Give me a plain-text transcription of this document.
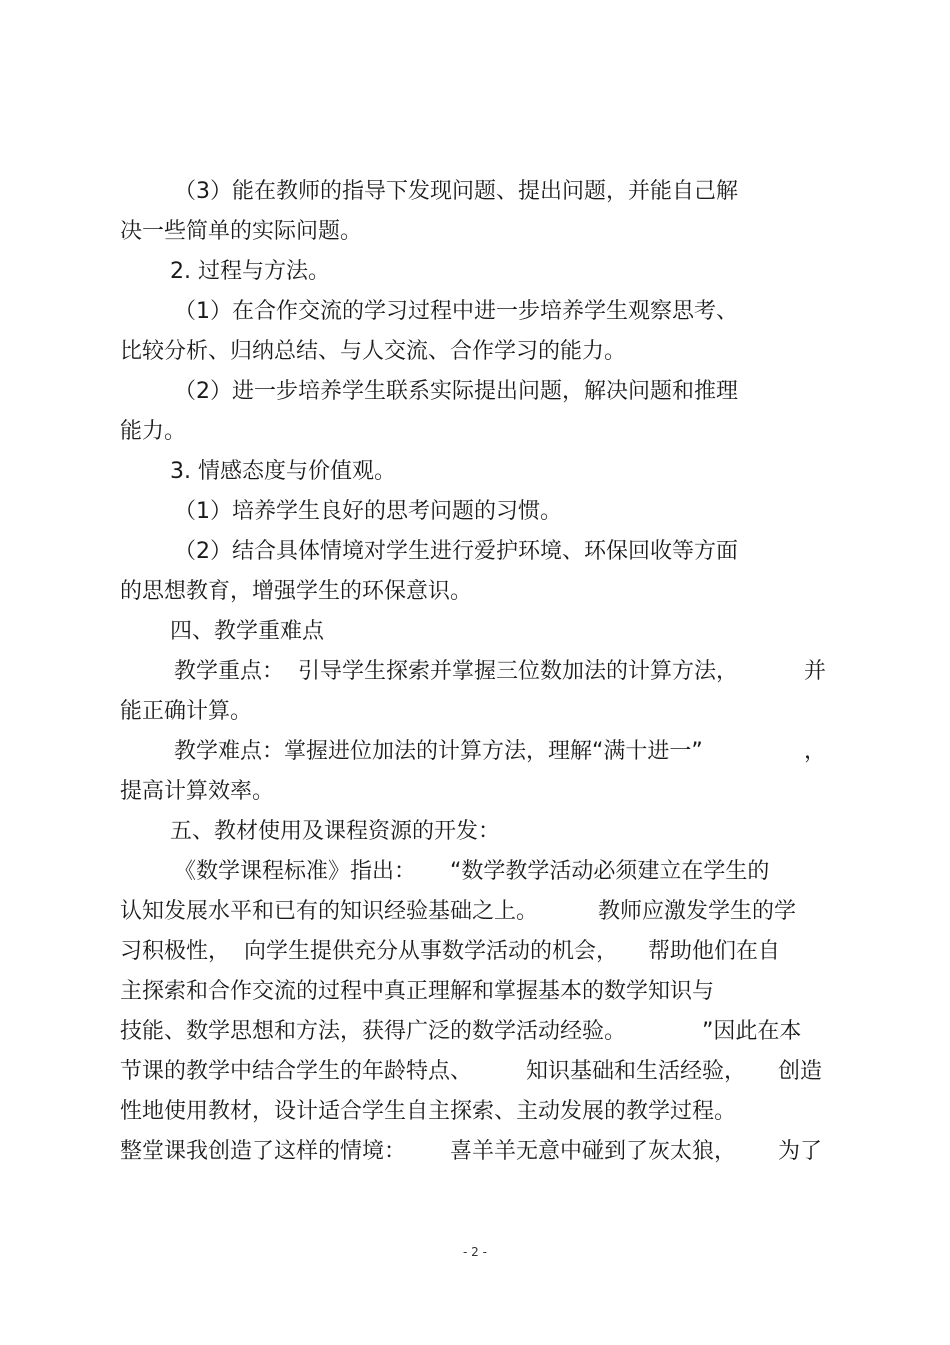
（3）能在教师的指导下发现问题、提出问题，并能自己解
决一些简单的实际问题。
2. 过程与方法。
（1）在合作交流的学习过程中进一步培养学生观察思考、
比较分析、归纳总结、与人交流、合作学习的能力。
（2）进一步培养学生联系实际提出问题，解决问题和推理
能力。
3. 情感态度与价值观。
（1）培养学生良好的思考问题的习惯。
（2）结合具体情境对学生进行爱护环境、环保回收等方面
的思想教育，增强学生的环保意识。
四、教学重难点
教学重点： 引导学生探索并掌握三位数加法的计算方法，	并
能正确计算。
教学难点：掌握进位加法的计算方法，理解“满十进一”	，
提高计算效率。
五、教材使用及课程资源的开发：
《数学课程标准》指出： “数学教学活动必须建立在学生的
认知发展水平和已有的知识经验基础之上。	教师应激发学生的学
习积极性， 向学生提供充分从事数学活动的机会， 帮助他们在自
主探索和合作交流的过程中真正理解和掌握基本的数学知识与
技能、数学思想和方法，获得广泛的数学活动经验。	”因此在本
节课的教学中结合学生的年龄特点、 知识基础和生活经验， 创造
性地使用教材，设计适合学生自主探索、主动发展的教学过程。
整堂课我创造了这样的情境： 喜羊羊无意中碰到了灰太狼， 为了
- 2 -
